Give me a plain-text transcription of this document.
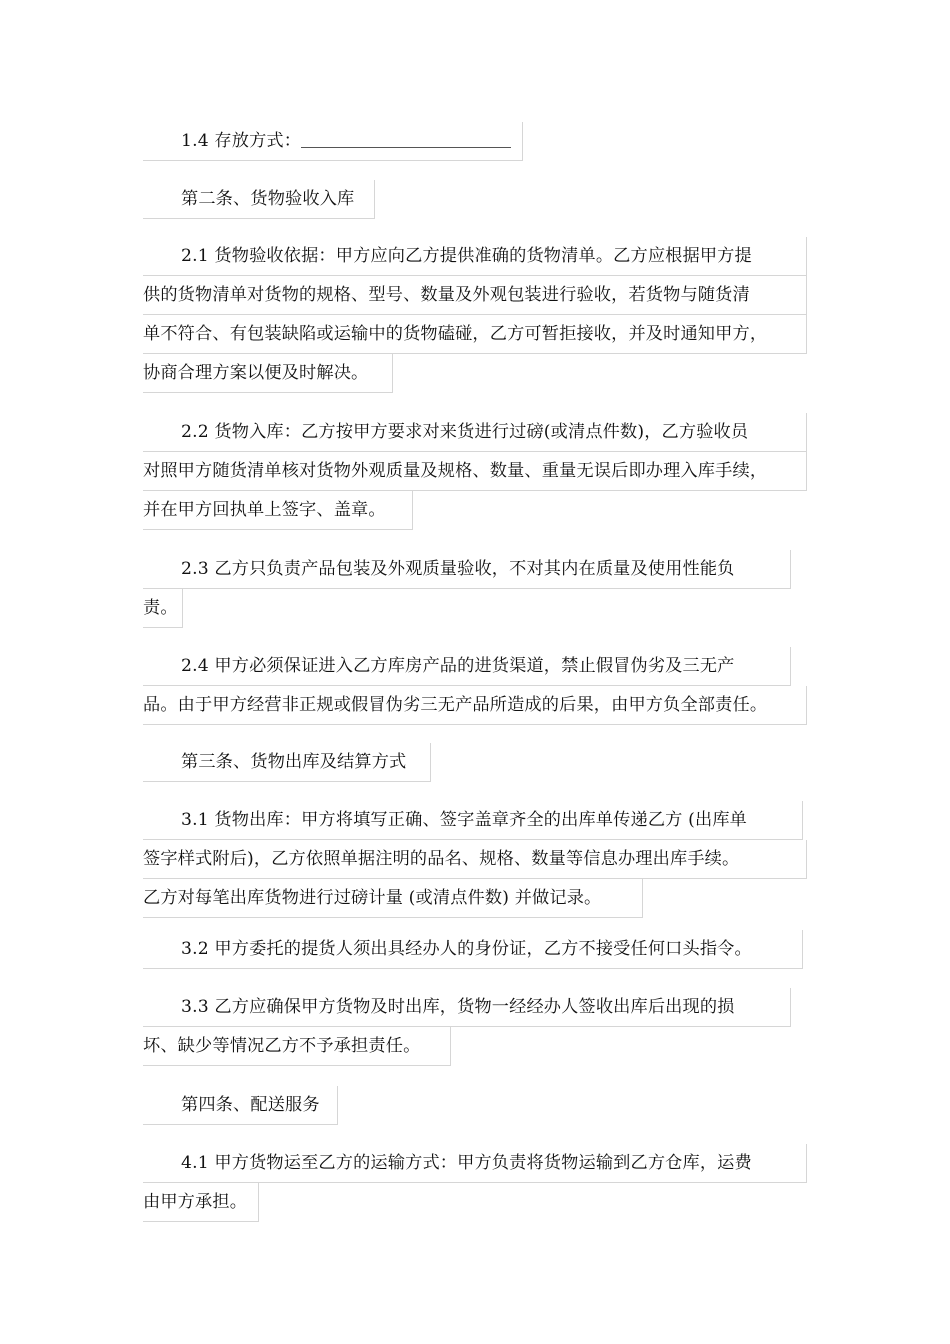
1.4 存放方式：
第二条、货物验收入库
2.1 货物验收依据：甲方应向乙方提供准确的货物清单。乙方应根据甲方提
供的货物清单对货物的规格、型号、数量及外观包装进行验收，若货物与随货清
单不符合、有包装缺陷或运输中的货物磕碰，乙方可暂拒接收，并及时通知甲方，
协商合理方案以便及时解决。
2.2 货物入库：乙方按甲方要求对来货进行过磅(或清点件数)，乙方验收员
对照甲方随货清单核对货物外观质量及规格、数量、重量无误后即办理入库手续，
并在甲方回执单上签字、盖章。
2.3 乙方只负责产品包装及外观质量验收，不对其内在质量及使用性能负
责。
2.4 甲方必须保证进入乙方库房产品的进货渠道，禁止假冒伪劣及三无产
品。由于甲方经营非正规或假冒伪劣三无产品所造成的后果，由甲方负全部责任。
第三条、货物出库及结算方式
3.1 货物出库：甲方将填写正确、签字盖章齐全的出库单传递乙方 (出库单
签字样式附后)，乙方依照单据注明的品名、规格、数量等信息办理出库手续。
乙方对每笔出库货物进行过磅计量 (或清点件数) 并做记录。
3.2 甲方委托的提货人须出具经办人的身份证，乙方不接受任何口头指令。
3.3 乙方应确保甲方货物及时出库，货物一经经办人签收出库后出现的损
坏、缺少等情况乙方不予承担责任。
第四条、配送服务
4.1 甲方货物运至乙方的运输方式：甲方负责将货物运输到乙方仓库，运费
由甲方承担。
